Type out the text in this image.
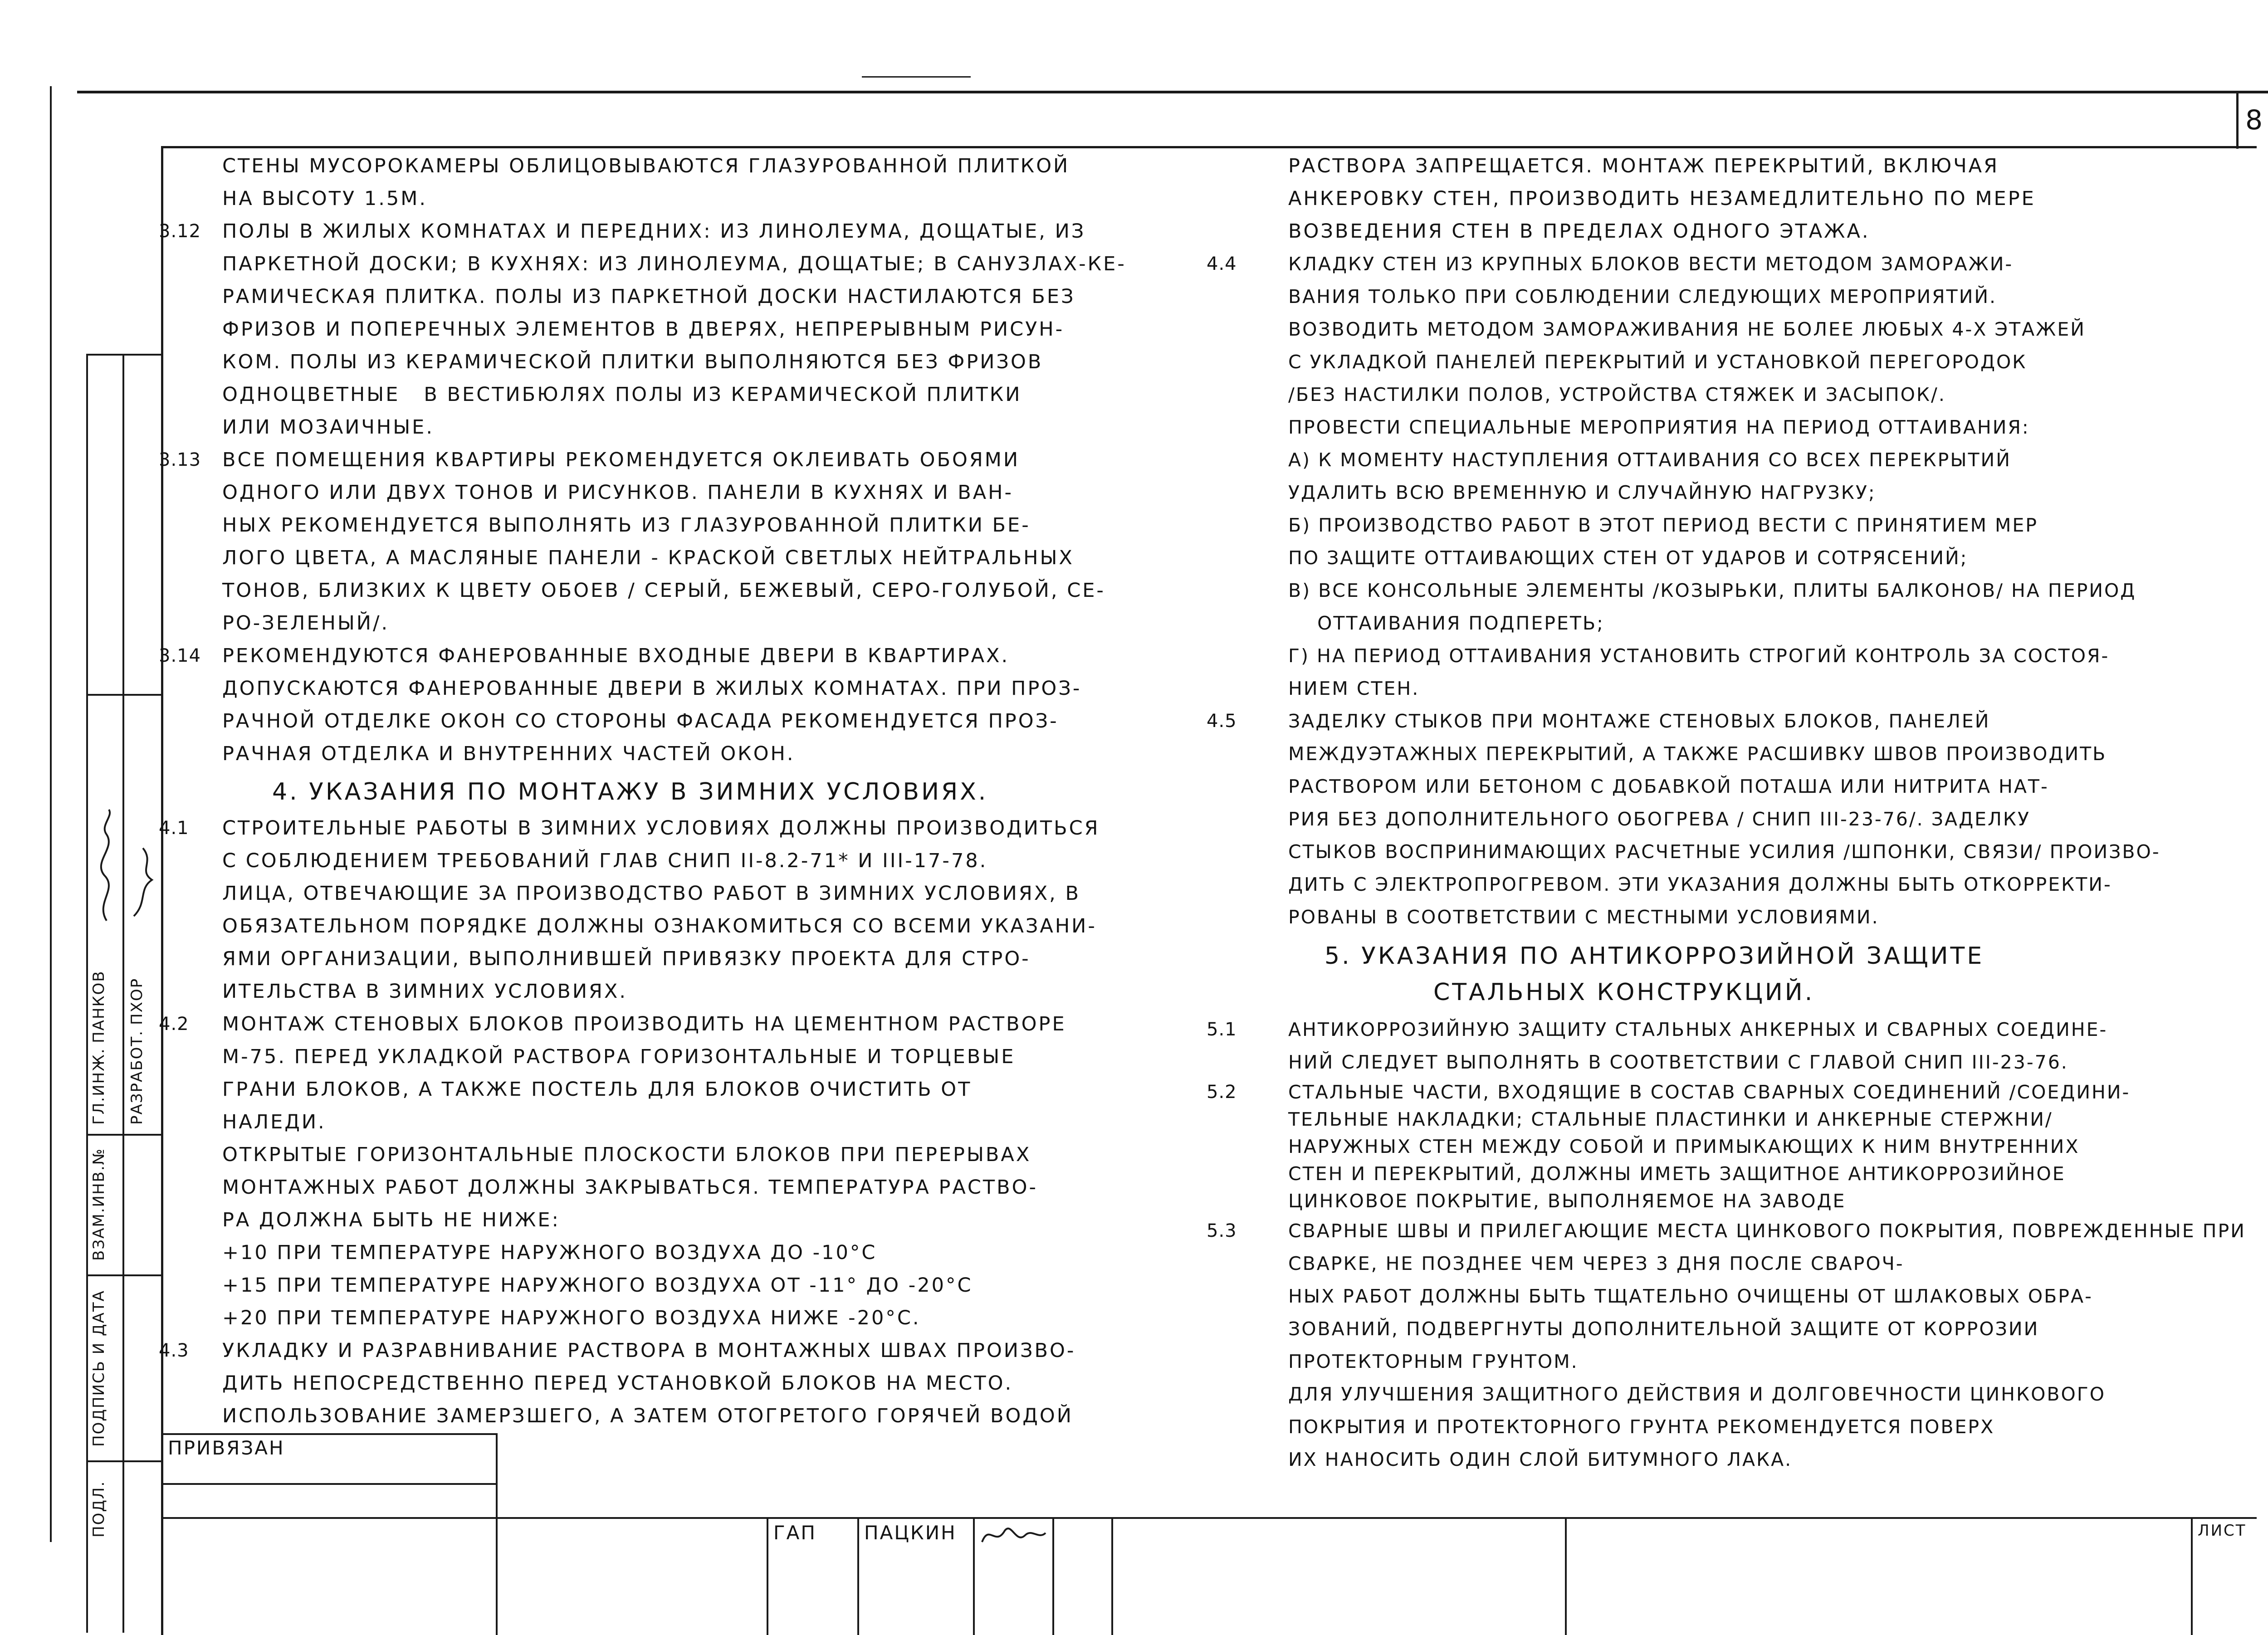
ГЛ.ИНЖ.
ПАНКОВ
РАЗРАБОТ.
ПХОР
ВЗАМ.ИНВ.№
ПОДПИСЬ И ДАТА
ПОДЛ.
8

СТЕНЫ МУСОРОКАМЕРЫ ОБЛИЦОВЫВАЮТСЯ ГЛАЗУРОВАННОЙ ПЛИТКОЙ
НА ВЫСОТУ 1.5М.

3.12 ПОЛЫ В ЖИЛЫХ КОМНАТАХ И ПЕРЕДНИХ: ИЗ ЛИНОЛЕУМА, ДОЩАТЫЕ, ИЗ
ПАРКЕТНОЙ ДОСКИ; В КУХНЯХ: ИЗ ЛИНОЛЕУМА, ДОЩАТЫЕ; В САНУЗЛАХ-КЕ-
РАМИЧЕСКАЯ ПЛИТКА. ПОЛЫ ИЗ ПАРКЕТНОЙ ДОСКИ НАСТИЛАЮТСЯ БЕЗ
ФРИЗОВ И ПОПЕРЕЧНЫХ ЭЛЕМЕНТОВ В ДВЕРЯХ, НЕПРЕРЫВНЫМ РИСУН-
КОМ. ПОЛЫ ИЗ КЕРАМИЧЕСКОЙ ПЛИТКИ ВЫПОЛНЯЮТСЯ БЕЗ ФРИЗОВ
ОДНОЦВЕТНЫЕ   В ВЕСТИБЮЛЯХ ПОЛЫ ИЗ КЕРАМИЧЕСКОЙ ПЛИТКИ
ИЛИ МОЗАИЧНЫЕ.

3.13 ВСЕ ПОМЕЩЕНИЯ КВАРТИРЫ РЕКОМЕНДУЕТСЯ ОКЛЕИВАТЬ ОБОЯМИ
ОДНОГО ИЛИ ДВУХ ТОНОВ И РИСУНКОВ. ПАНЕЛИ В КУХНЯХ И ВАН-
НЫХ РЕКОМЕНДУЕТСЯ ВЫПОЛНЯТЬ ИЗ ГЛАЗУРОВАННОЙ ПЛИТКИ БЕ-
ЛОГО ЦВЕТА, А МАСЛЯНЫЕ ПАНЕЛИ - КРАСКОЙ СВЕТЛЫХ НЕЙТРАЛЬНЫХ
ТОНОВ, БЛИЗКИХ К ЦВЕТУ ОБОЕВ / СЕРЫЙ, БЕЖЕВЫЙ, СЕРО-ГОЛУБОЙ, СЕ-
РО-ЗЕЛЕНЫЙ/.

3.14 РЕКОМЕНДУЮТСЯ ФАНЕРОВАННЫЕ ВХОДНЫЕ ДВЕРИ В КВАРТИРАХ.
ДОПУСКАЮТСЯ ФАНЕРОВАННЫЕ ДВЕРИ В ЖИЛЫХ КОМНАТАХ. ПРИ ПРОЗ-
РАЧНОЙ ОТДЕЛКЕ ОКОН СО СТОРОНЫ ФАСАДА РЕКОМЕНДУЕТСЯ ПРОЗ-
РАЧНАЯ ОТДЕЛКА И ВНУТРЕННИХ ЧАСТЕЙ ОКОН.

4. УКАЗАНИЯ ПО МОНТАЖУ В ЗИМНИХ УСЛОВИЯХ.

4.1 СТРОИТЕЛЬНЫЕ РАБОТЫ В ЗИМНИХ УСЛОВИЯХ ДОЛЖНЫ ПРОИЗВОДИТЬСЯ
С СОБЛЮДЕНИЕМ ТРЕБОВАНИЙ ГЛАВ СНИП II-8.2-71* И III-17-78.
ЛИЦА, ОТВЕЧАЮЩИЕ ЗА ПРОИЗВОДСТВО РАБОТ В ЗИМНИХ УСЛОВИЯХ, В
ОБЯЗАТЕЛЬНОМ ПОРЯДКЕ ДОЛЖНЫ ОЗНАКОМИТЬСЯ СО ВСЕМИ УКАЗАНИ-
ЯМИ ОРГАНИЗАЦИИ, ВЫПОЛНИВШЕЙ ПРИВЯЗКУ ПРОЕКТА ДЛЯ СТРО-
ИТЕЛЬСТВА В ЗИМНИХ УСЛОВИЯХ.

4.2 МОНТАЖ СТЕНОВЫХ БЛОКОВ ПРОИЗВОДИТЬ НА ЦЕМЕНТНОМ РАСТВОРЕ
М-75. ПЕРЕД УКЛАДКОЙ РАСТВОРА ГОРИЗОНТАЛЬНЫЕ И ТОРЦЕВЫЕ
ГРАНИ БЛОКОВ, А ТАКЖЕ ПОСТЕЛЬ ДЛЯ БЛОКОВ ОЧИСТИТЬ ОТ
НАЛЕДИ.
ОТКРЫТЫЕ ГОРИЗОНТАЛЬНЫЕ ПЛОСКОСТИ БЛОКОВ ПРИ ПЕРЕРЫВАХ
МОНТАЖНЫХ РАБОТ ДОЛЖНЫ ЗАКРЫВАТЬСЯ. ТЕМПЕРАТУРА РАСТВО-
РА ДОЛЖНА БЫТЬ НЕ НИЖЕ:

+10 ПРИ ТЕМПЕРАТУРЕ НАРУЖНОГО ВОЗДУХА ДО -10°С
+15 ПРИ ТЕМПЕРАТУРЕ НАРУЖНОГО ВОЗДУХА ОТ -11° ДО -20°С
+20 ПРИ ТЕМПЕРАТУРЕ НАРУЖНОГО ВОЗДУХА НИЖЕ -20°С.

4.3 УКЛАДКУ И РАЗРАВНИВАНИЕ РАСТВОРА В МОНТАЖНЫХ ШВАХ ПРОИЗВО-
ДИТЬ НЕПОСРЕДСТВЕННО ПЕРЕД УСТАНОВКОЙ БЛОКОВ НА МЕСТО.
ИСПОЛЬЗОВАНИЕ ЗАМЕРЗШЕГО, А ЗАТЕМ ОТОГРЕТОГО ГОРЯЧЕЙ ВОДОЙ

РАСТВОРА ЗАПРЕЩАЕТСЯ. МОНТАЖ ПЕРЕКРЫТИЙ, ВКЛЮЧАЯ
АНКЕРОВКУ СТЕН, ПРОИЗВОДИТЬ НЕЗАМЕДЛИТЕЛЬНО ПО МЕРЕ
ВОЗВЕДЕНИЯ СТЕН В ПРЕДЕЛАХ ОДНОГО ЭТАЖА.

4.4	КЛАДКУ СТЕН ИЗ КРУПНЫХ БЛОКОВ ВЕСТИ МЕТОДОМ ЗАМОРАЖИ-
ВАНИЯ ТОЛЬКО ПРИ СОБЛЮДЕНИИ СЛЕДУЮЩИХ МЕРОПРИЯТИЙ.
ВОЗВОДИТЬ МЕТОДОМ ЗАМОРАЖИВАНИЯ НЕ БОЛЕЕ ЛЮБЫХ 4-Х ЭТАЖЕЙ
С УКЛАДКОЙ ПАНЕЛЕЙ ПЕРЕКРЫТИЙ И УСТАНОВКОЙ ПЕРЕГОРОДОК
/БЕЗ НАСТИЛКИ ПОЛОВ, УСТРОЙСТВА СТЯЖЕК И ЗАСЫПОК/.
ПРОВЕСТИ СПЕЦИАЛЬНЫЕ МЕРОПРИЯТИЯ НА ПЕРИОД ОТТАИВАНИЯ:
А) К МОМЕНТУ НАСТУПЛЕНИЯ ОТТАИВАНИЯ СО ВСЕХ ПЕРЕКРЫТИЙ
УДАЛИТЬ ВСЮ ВРЕМЕННУЮ И СЛУЧАЙНУЮ НАГРУЗКУ;
Б) ПРОИЗВОДСТВО РАБОТ В ЭТОТ ПЕРИОД ВЕСТИ С ПРИНЯТИЕМ МЕР
ПО ЗАЩИТЕ ОТТАИВАЮЩИХ СТЕН ОТ УДАРОВ И СОТРЯСЕНИЙ;
В) ВСЕ КОНСОЛЬНЫЕ ЭЛЕМЕНТЫ /КОЗЫРЬКИ, ПЛИТЫ БАЛКОНОВ/ НА ПЕРИОД
ОТТАИВАНИЯ ПОДПЕРЕТЬ;
Г) НА ПЕРИОД ОТТАИВАНИЯ УСТАНОВИТЬ СТРОГИЙ КОНТРОЛЬ ЗА СОСТОЯ-
НИЕМ СТЕН.

4.5	ЗАДЕЛКУ СТЫКОВ ПРИ МОНТАЖЕ СТЕНОВЫХ БЛОКОВ, ПАНЕЛЕЙ
МЕЖДУЭТАЖНЫХ ПЕРЕКРЫТИЙ, А ТАКЖЕ РАСШИВКУ ШВОВ ПРОИЗВОДИТЬ
РАСТВОРОМ ИЛИ БЕТОНОМ С ДОБАВКОЙ ПОТАША ИЛИ НИТРИТА НАТ-
РИЯ БЕЗ ДОПОЛНИТЕЛЬНОГО ОБОГРЕВА / СНИП III-23-76/. ЗАДЕЛКУ
СТЫКОВ ВОСПРИНИМАЮЩИХ РАСЧЕТНЫЕ УСИЛИЯ /ШПОНКИ, СВЯЗИ/ ПРОИЗВО-
ДИТЬ С ЭЛЕКТРОПРОГРЕВОМ. ЭТИ УКАЗАНИЯ ДОЛЖНЫ БЫТЬ ОТКОРРЕКТИ-
РОВАНЫ В СООТВЕТСТВИИ С МЕСТНЫМИ УСЛОВИЯМИ.

5. УКАЗАНИЯ ПО АНТИКОРРОЗИЙНОЙ ЗАЩИТЕ
СТАЛЬНЫХ КОНСТРУКЦИЙ.

5.1	АНТИКОРРОЗИЙНУЮ ЗАЩИТУ СТАЛЬНЫХ АНКЕРНЫХ И СВАРНЫХ СОЕДИНЕ-
НИЙ СЛЕДУЕТ ВЫПОЛНЯТЬ В СООТВЕТСТВИИ С ГЛАВОЙ СНИП III-23-76.

5.2	СТАЛЬНЫЕ ЧАСТИ, ВХОДЯЩИЕ В СОСТАВ СВАРНЫХ СОЕДИНЕНИЙ /СОЕДИНИ-
ТЕЛЬНЫЕ НАКЛАДКИ; СТАЛЬНЫЕ ПЛАСТИНКИ И АНКЕРНЫЕ СТЕРЖНИ/
НАРУЖНЫХ СТЕН МЕЖДУ СОБОЙ И ПРИМЫКАЮЩИХ К НИМ ВНУТРЕННИХ
СТЕН И ПЕРЕКРЫТИЙ, ДОЛЖНЫ ИМЕТЬ ЗАЩИТНОЕ АНТИКОРРОЗИЙНОЕ
ЦИНКОВОЕ ПОКРЫТИЕ, ВЫПОЛНЯЕМОЕ НА ЗАВОДЕ

5.3	СВАРНЫЕ ШВЫ И ПРИЛЕГАЮЩИЕ МЕСТА ЦИНКОВОГО ПОКРЫТИЯ, ПОВРЕЖДЕННЫЕ ПРИ СВАРКЕ, НЕ ПОЗДНЕЕ ЧЕМ ЧЕРЕЗ 3 ДНЯ ПОСЛЕ СВАРОЧ-
НЫХ РАБОТ ДОЛЖНЫ БЫТЬ ТЩАТЕЛЬНО ОЧИЩЕНЫ ОТ ШЛАКОВЫХ ОБРА-
ЗОВАНИЙ, ПОДВЕРГНУТЫ ДОПОЛНИТЕЛЬНОЙ ЗАЩИТЕ ОТ КОРРОЗИИ
ПРОТЕКТОРНЫМ ГРУНТОМ.
ДЛЯ УЛУЧШЕНИЯ ЗАЩИТНОГО ДЕЙСТВИЯ И ДОЛГОВЕЧНОСТИ ЦИНКОВОГО
ПОКРЫТИЯ И ПРОТЕКТОРНОГО ГРУНТА РЕКОМЕНДУЕТСЯ ПОВЕРХ
ИХ НАНОСИТЬ ОДИН СЛОЙ БИТУМНОГО ЛАКА.

ПРИВЯЗАН
ГАП	ПАЦКИН	ЛИСТ
